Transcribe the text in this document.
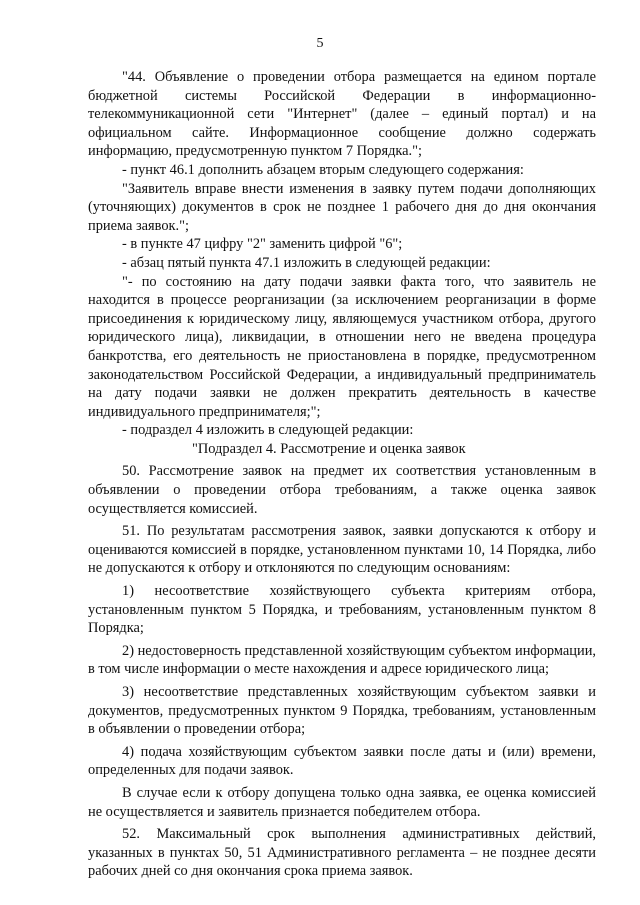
5

"44. Объявление о проведении отбора размещается на едином портале бюджетной системы Российской Федерации в информационно-телекоммуникационной сети "Интернет" (далее – единый портал) и на официальном сайте. Информационное сообщение должно содержать информацию, предусмотренную пунктом 7 Порядка.";

- пункт 46.1 дополнить абзацем вторым следующего содержания:

"Заявитель вправе внести изменения в заявку путем подачи дополняющих (уточняющих) документов в срок не позднее 1 рабочего дня до дня окончания приема заявок.";

- в пункте 47 цифру "2" заменить цифрой "6";

- абзац пятый пункта 47.1 изложить в следующей редакции:

"- по состоянию на дату подачи заявки факта того, что заявитель не находится в процессе реорганизации (за исключением реорганизации в форме присоединения к юридическому лицу, являющемуся участником отбора, другого юридического лица), ликвидации, в отношении него не введена процедура банкротства, его деятельность не приостановлена в порядке, предусмотренном законодательством Российской Федерации, а индивидуальный предприниматель на дату подачи заявки не должен прекратить деятельность в качестве индивидуального предпринимателя;";

- подраздел 4 изложить в следующей редакции:

"Подраздел 4. Рассмотрение и оценка заявок

50. Рассмотрение заявок на предмет их соответствия установленным в объявлении о проведении отбора требованиям, а также оценка заявок осуществляется комиссией.

51. По результатам рассмотрения заявок, заявки допускаются к отбору и оцениваются комиссией в порядке, установленном пунктами 10, 14 Порядка, либо не допускаются к отбору и отклоняются по следующим основаниям:

1) несоответствие хозяйствующего субъекта критериям отбора, установленным пунктом 5 Порядка, и требованиям, установленным пунктом 8 Порядка;

2) недостоверность представленной хозяйствующим субъектом информации, в том числе информации о месте нахождения и адресе юридического лица;

3) несоответствие представленных хозяйствующим субъектом заявки и документов, предусмотренных пунктом 9 Порядка, требованиям, установленным в объявлении о проведении отбора;

4) подача хозяйствующим субъектом заявки после даты и (или) времени, определенных для подачи заявок.

В случае если к отбору допущена только одна заявка, ее оценка комиссией не осуществляется и заявитель признается победителем отбора.

52. Максимальный срок выполнения административных действий, указанных в пунктах 50, 51 Административного регламента – не позднее десяти рабочих дней со дня окончания срока приема заявок.
